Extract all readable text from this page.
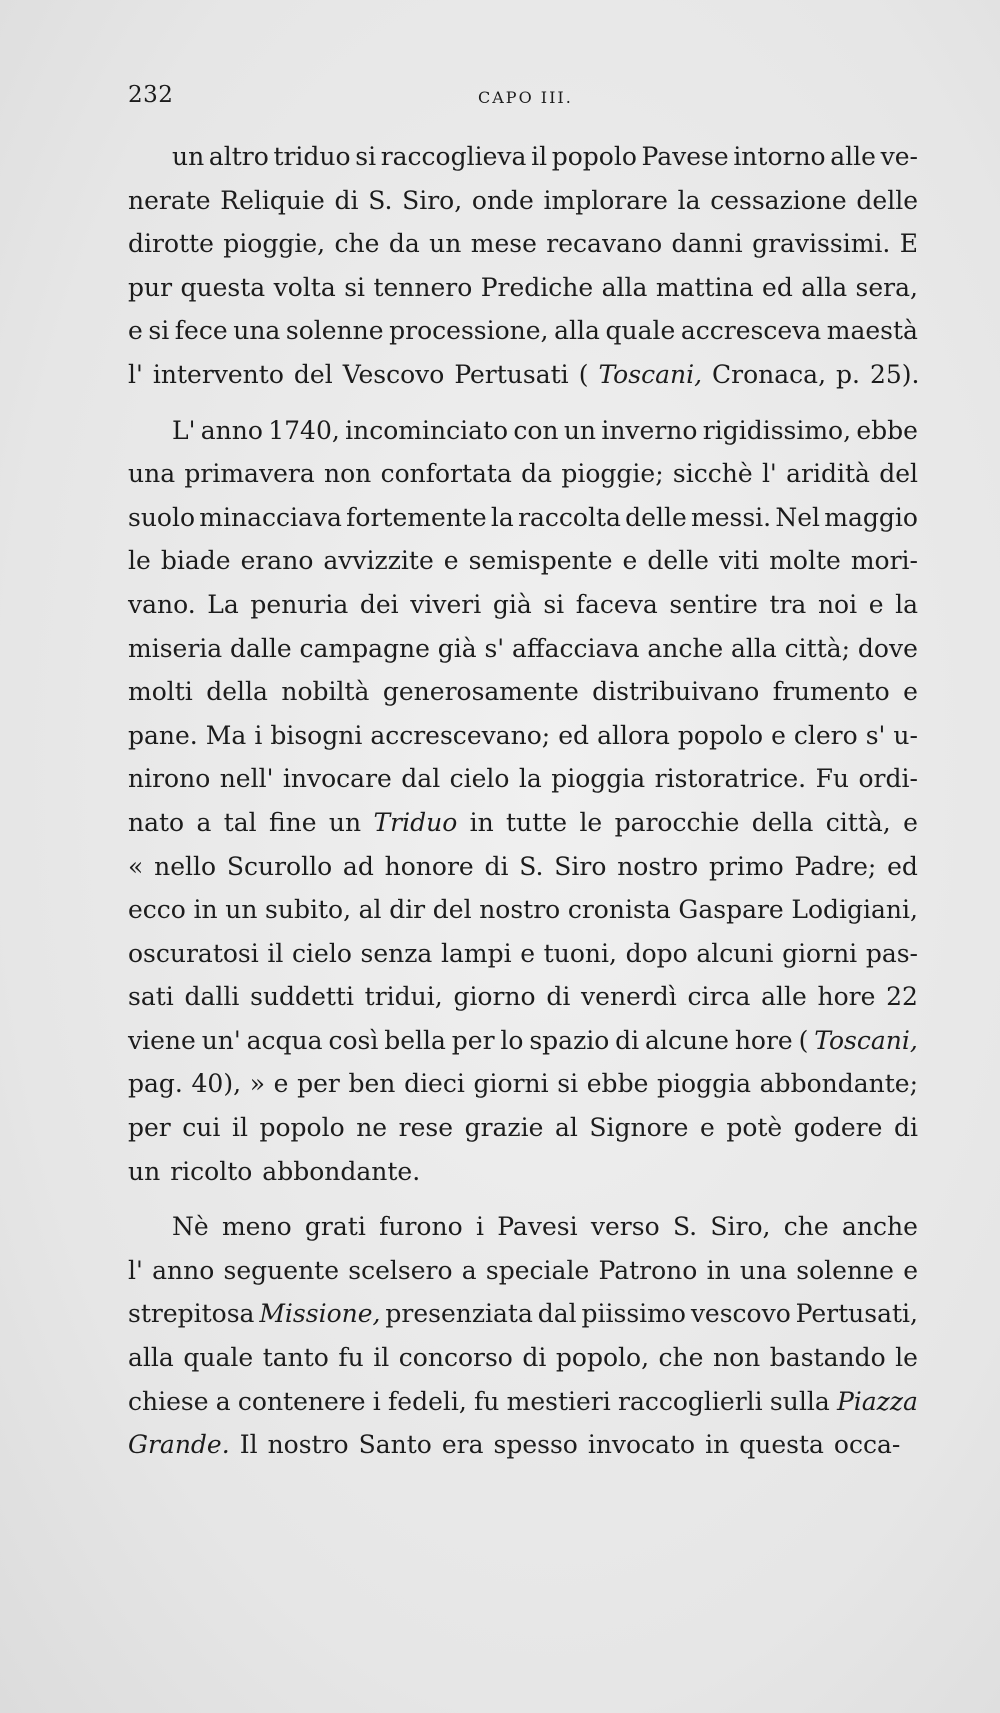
232	CAPO III.
un altro triduo si raccoglieva il popolo Pavese intorno alle ve-
nerate Reliquie di S. Siro, onde implorare la cessazione delle
dirotte pioggie, che da un mese recavano danni gravissimi. E
pur questa volta si tennero Prediche alla mattina ed alla sera,
e si fece una solenne processione, alla quale accresceva maestà
l' intervento del Vescovo Pertusati ( Toscani, Cronaca, p. 25).
L' anno 1740, incominciato con un inverno rigidissimo, ebbe
una primavera non confortata da pioggie; sicchè l' aridità del
suolo minacciava fortemente la raccolta delle messi. Nel maggio
le biade erano avvizzite e semispente e delle viti molte mori-
vano. La penuria dei viveri già si faceva sentire tra noi e la
miseria dalle campagne già s' affacciava anche alla città; dove
molti della nobiltà generosamente distribuivano frumento e
pane. Ma i bisogni accrescevano; ed allora popolo e clero s' u-
nirono nell' invocare dal cielo la pioggia ristoratrice. Fu ordi-
nato a tal fine un Triduo in tutte le parocchie della città, e
« nello Scurollo ad honore di S. Siro nostro primo Padre; ed
ecco in un subito, al dir del nostro cronista Gaspare Lodigiani,
oscuratosi il cielo senza lampi e tuoni, dopo alcuni giorni pas-
sati dalli suddetti tridui, giorno di venerdì circa alle hore 22
viene un' acqua così bella per lo spazio di alcune hore ( Toscani,
pag. 40), » e per ben dieci giorni si ebbe pioggia abbondante;
per cui il popolo ne rese grazie al Signore e potè godere di
un ricolto abbondante.
Nè meno grati furono i Pavesi verso S. Siro, che anche
l' anno seguente scelsero a speciale Patrono in una solenne e
strepitosa Missione, presenziata dal piissimo vescovo Pertusati,
alla quale tanto fu il concorso di popolo, che non bastando le
chiese a contenere i fedeli, fu mestieri raccoglierli sulla Piazza
Grande. Il nostro Santo era spesso invocato in questa occa-
